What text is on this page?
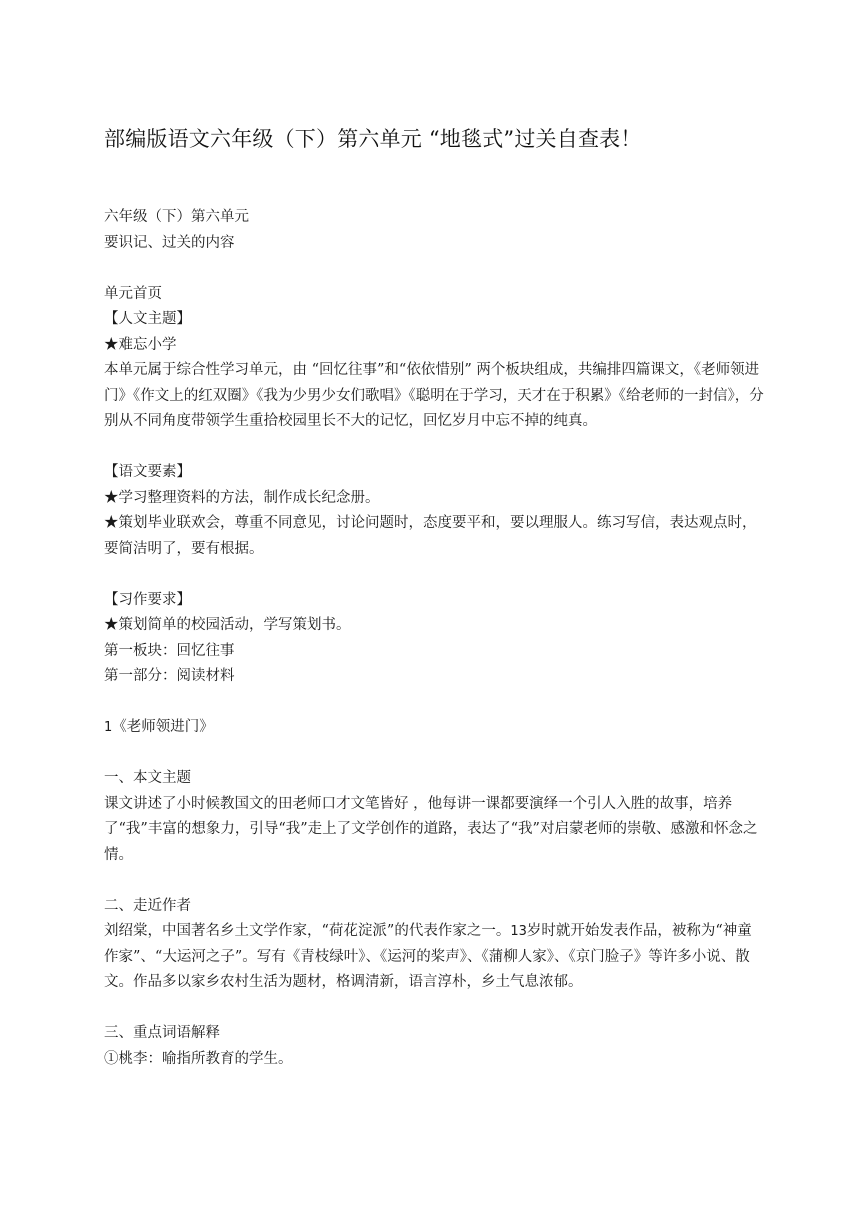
部编版语文六年级（下）第六单元 “地毯式”过关自查表！

六年级（下）第六单元

要识记、过关的内容

单元首页

【人文主题】

★难忘小学

本单元属于综合性学习单元，由 “回忆往事”和“依依惜别” 两个板块组成，共编排四篇课文，《老师领进门》《作文上的红双圈》《我为少男少女们歌唱》《聪明在于学习，天才在于积累》《给老师的一封信》，分别从不同角度带领学生重拾校园里长不大的记忆，回忆岁月中忘不掉的纯真。

【语文要素】

★学习整理资料的方法，制作成长纪念册。

★策划毕业联欢会，尊重不同意见，讨论问题时，态度要平和，要以理服人。练习写信，表达观点时，要简洁明了，要有根据。

【习作要求】

★策划简单的校园活动，学写策划书。

第一板块：回忆往事

第一部分：阅读材料

1《老师领进门》

一、本文主题

课文讲述了小时候教国文的田老师口才文笔皆好 ，他每讲一课都要演绎一个引人入胜的故事，培养了“我”丰富的想象力，引导“我”走上了文学创作的道路，表达了“我”对启蒙老师的崇敬、感激和怀念之情。

二、走近作者

刘绍棠，中国著名乡土文学作家，“荷花淀派”的代表作家之一。13岁时就开始发表作品，被称为“神童作家”、“大运河之子”。写有《青枝绿叶》、《运河的桨声》、《蒲柳人家》、《京门脸子》等许多小说、散文。作品多以家乡农村生活为题材，格调清新，语言淳朴，乡土气息浓郁。

三、重点词语解释

①桃李：喻指所教育的学生。
